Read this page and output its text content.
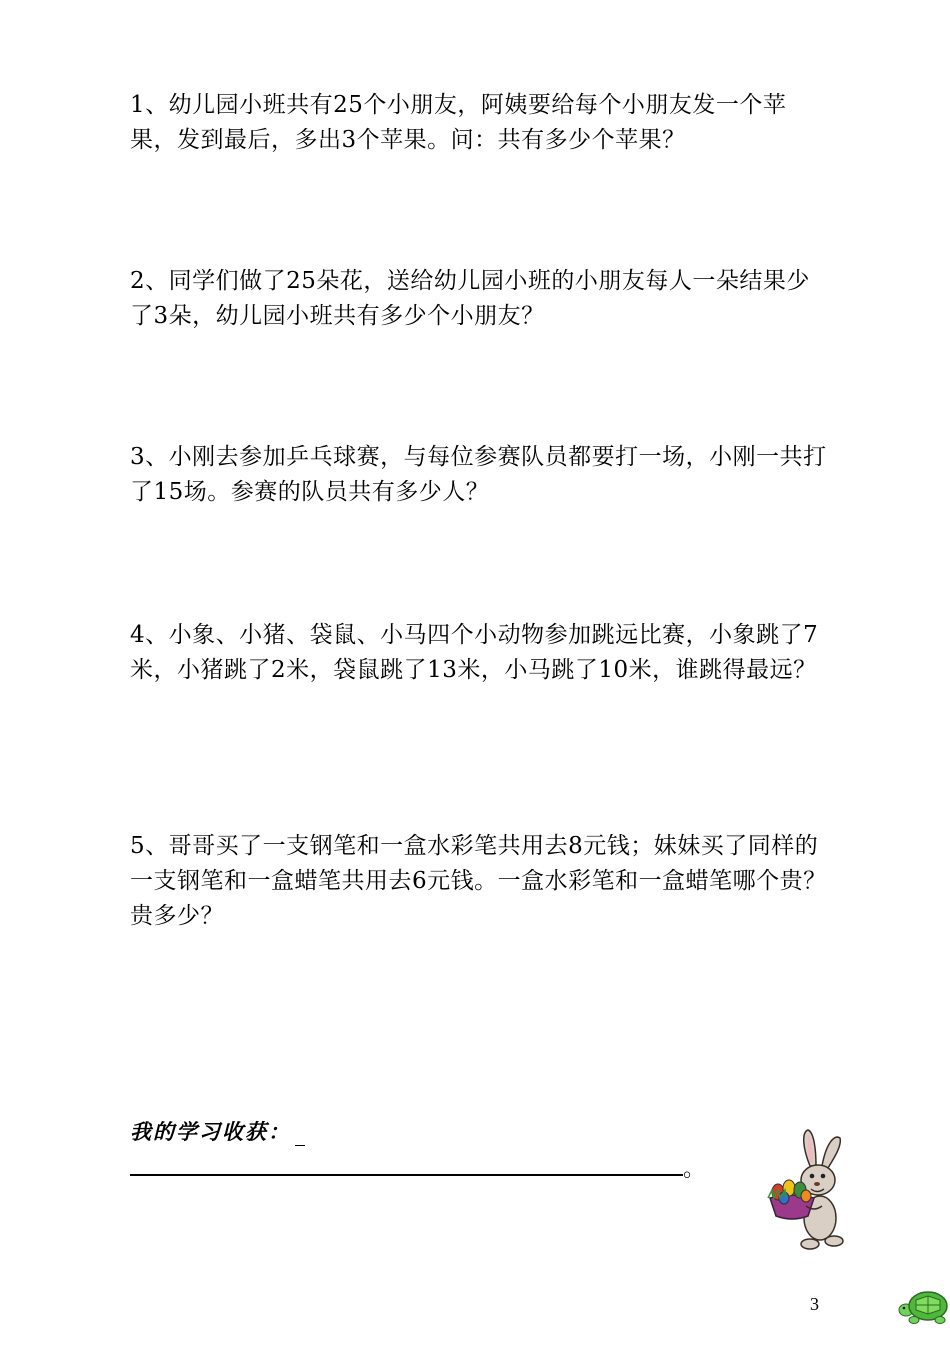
1、幼儿园小班共有25个小朋友，阿姨要给每个小朋友发一个苹果，发到最后，多出3个苹果。问：共有多少个苹果？

2、同学们做了25朵花，送给幼儿园小班的小朋友每人一朵结果少了3朵，幼儿园小班共有多少个小朋友？

3、小刚去参加乒乓球赛，与每位参赛队员都要打一场，小刚一共打了15场。参赛的队员共有多少人？

4、小象、小猪、袋鼠、小马四个小动物参加跳远比赛，小象跳了7米，小猪跳了2米，袋鼠跳了13米，小马跳了10米，谁跳得最远？

5、哥哥买了一支钢笔和一盒水彩笔共用去8元钱；妹妹买了同样的一支钢笔和一盒蜡笔共用去6元钱。一盒水彩笔和一盒蜡笔哪个贵？贵多少？

我的学习收获：
。
3
